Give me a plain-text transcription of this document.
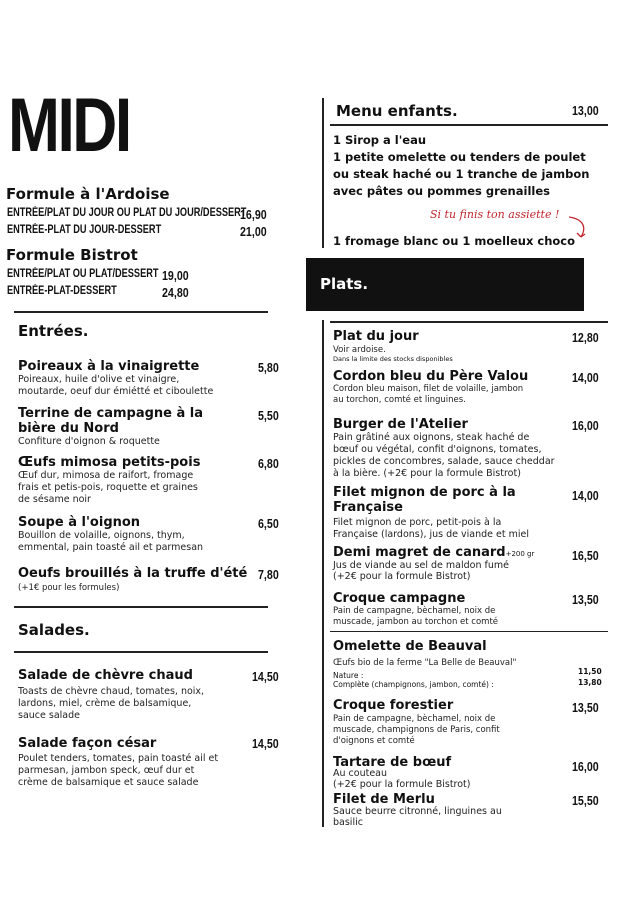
MIDI
Formule à l'Ardoise
ENTRÉE/PLAT DU JOUR OU PLAT DU JOUR/DESSERT
16,90
ENTRÉE-PLAT DU JOUR-DESSERT	21,00
Formule Bistrot
ENTRÉE/PLAT OU PLAT/DESSERT 19,00
ENTRÉE-PLAT-DESSERT	24,80
Entrées.
Poireaux à la vinaigrette	5,80
Poireaux, huile d'olive et vinaigre,
moutarde, oeuf dur émiétté et ciboulette
Terrine de campagne à la
bière du Nord
5,50
Confiture d'oignon & roquette
Œufs mimosa petits-pois	6,80
Œuf dur, mimosa de raifort, fromage
frais et petis-pois, roquette et graines
de sésame noir
Soupe à l'oignon	6,50
Bouillon de volaille, oignons, thym,
emmental, pain toasté ail et parmesan
Oeufs brouillés à la truffe d'été 7,80
(+1€ pour les formules)
Salades.
Salade de chèvre chaud	14,50
Toasts de chèvre chaud, tomates, noix,
lardons, miel, crème de balsamique,
sauce salade
Salade façon césar	14,50
Poulet tenders, tomates, pain toasté ail et
parmesan, jambon speck, œuf dur et
crème de balsamique et sauce salade
Menu enfants.	13,00
1 Sirop a l'eau
1 petite omelette ou tenders de poulet
ou steak haché ou 1 tranche de jambon
avec pâtes ou pommes grenailles
Si tu finis ton assiette !
1 fromage blanc ou 1 moelleux choco
Plats.
Plat du jour	12,80
Voir ardoise.
Dans la limite des stocks disponibles
Cordon bleu du Père Valou	14,00
Cordon bleu maison, filet de volaille, jambon
au torchon, comté et linguines.
Burger de l'Atelier	16,00
Pain grâtiné aux oignons, steak haché de
bœuf ou végétal, confit d'oignons, tomates,
pickles de concombres, salade, sauce cheddar
à la bière. (+2€ pour la formule Bistrot)
Filet mignon de porc à la
Française
14,00
Filet mignon de porc, petit-pois à la
Française (lardons), jus de viande et miel
Demi magret de canard+200 gr	16,50
Jus de viande au sel de maldon fumé
(+2€ pour la formule Bistrot)
Croque campagne	13,50
Pain de campagne, bèchamel, noix de
muscade, jambon au torchon et comté
Omelette de Beauval
Œufs bio de la ferme "La Belle de Beauval"
Nature :	11,50
Complète (champignons, jambon, comté) :	13,80
Croque forestier	13,50
Pain de campagne, bèchamel, noix de
muscade, champignons de Paris, confit
d'oignons et comté
Tartare de bœuf	16,00
Au couteau
(+2€ pour la formule Bistrot)
Filet de Merlu	15,50
Sauce beurre citronné, linguines au
basilic
